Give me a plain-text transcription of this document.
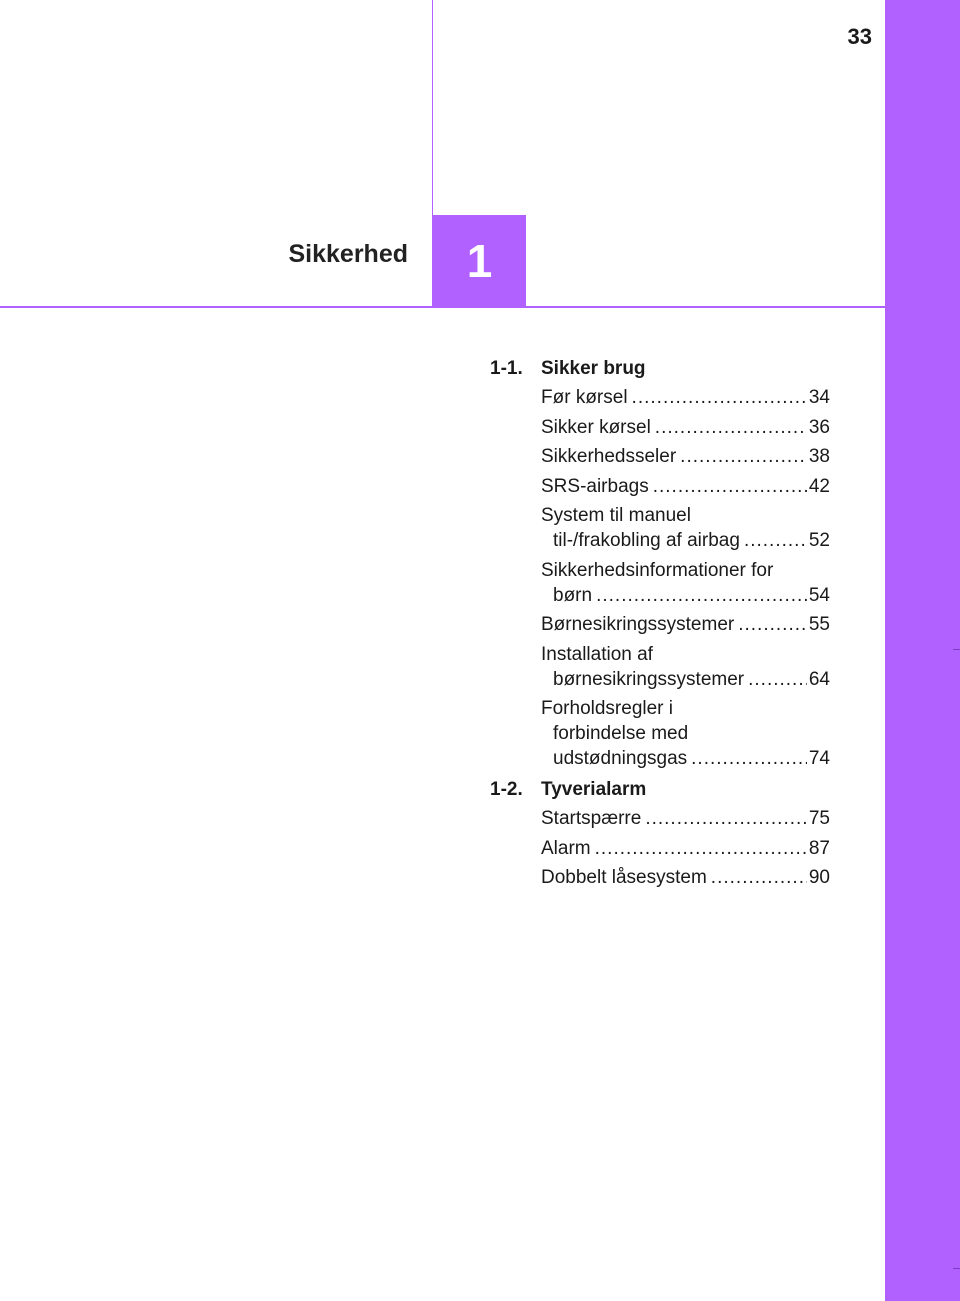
33
Sikkerhed 1
1-1. Sikker brug
Før kørsel .....	34
Sikker kørsel .....	36
Sikkerhedsseler .....	38
SRS-airbags .....	42
System til manuel
til-/frakobling af airbag .....	52
Sikkerhedsinformationer for
børn .....	54
Børnesikringssystemer .....	55
Installation af
børnesikringssystemer .....	64
Forholdsregler i
forbindelse med
udstødningsgas .....	74
1-2. Tyverialarm
Startspærre .....	75
Alarm .....	87
Dobbelt låsesystem .....	90
